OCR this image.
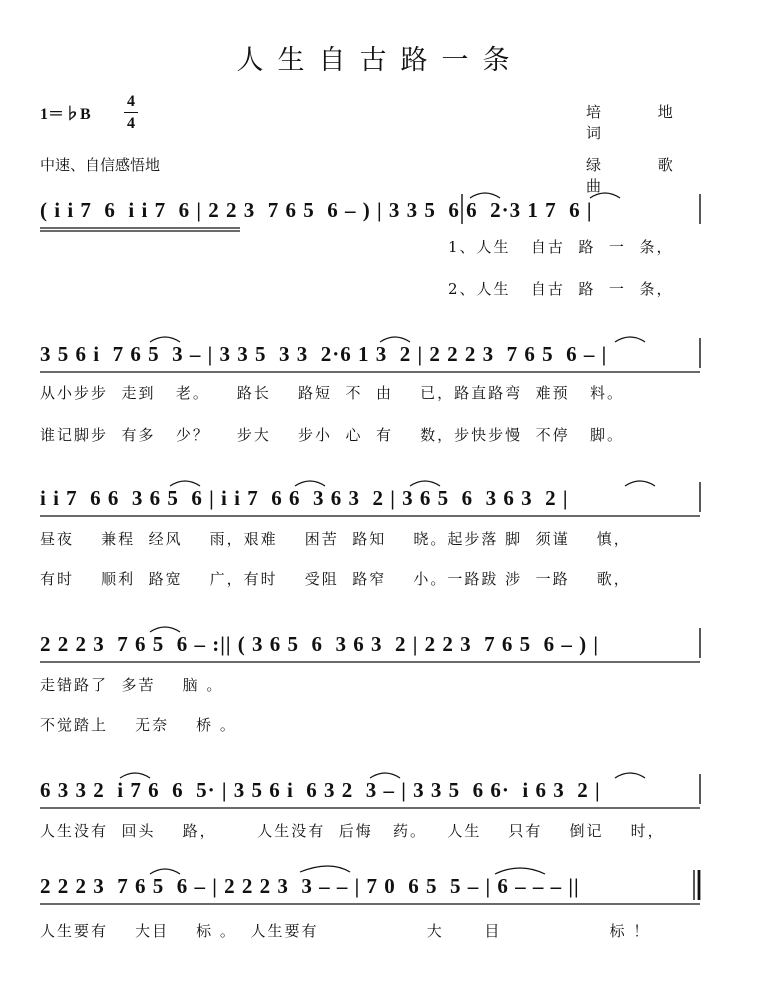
人生自古路一条
1＝♭B
4
4
中速、自信感悟地
培 地 词
绿 歌 曲
( i i 7  6  i i 7  6 | 2 2 3  7 6 5  6 – ) | 3 3 5  6 6  2·3 1 7  6 |
1、人生   自古  路  一  条，
2、人生   自古  路  一  条，
3 5 6 i  7 6 5  3 – | 3 3 5  3 3  2·6 1 3  2 | 2 2 2 3  7 6 5  6 – |
从小步步  走到   老。    路长    路短  不  由    已，路直路弯  难预   料。
谁记脚步  有多   少？    步大    步小  心  有    数，步快步慢  不停   脚。
i i 7  6 6  3 6 5  6 | i i 7  6 6  3 6 3  2 | 3 6 5  6  3 6 3  2 |
昼夜    兼程  经风    雨，艰难    困苦  路知    晓。起步落 脚  须谨    慎，
有时    顺利  路宽    广，有时    受阻  路窄    小。一路跋 涉  一路    歌，
2 2 2 3  7 6 5  6 – :|| ( 3 6 5  6  3 6 3  2 | 2 2 3  7 6 5  6 – ) |
走错路了  多苦    脑 。
不觉踏上    无奈    桥 。
6 3 3 2  i 7 6  6  5· | 3 5 6 i  6 3 2  3 – | 3 3 5  6 6·  i 6 3  2 |
人生没有  回头    路，      人生没有  后悔   药。   人生    只有    倒记    时，
2 2 2 3  7 6 5  6 – | 2 2 2 3  3 – – | 7 0  6 5  5 – | 6 – – – ||
人生要有    大目    标 。  人生要有                大      目                标 ！
